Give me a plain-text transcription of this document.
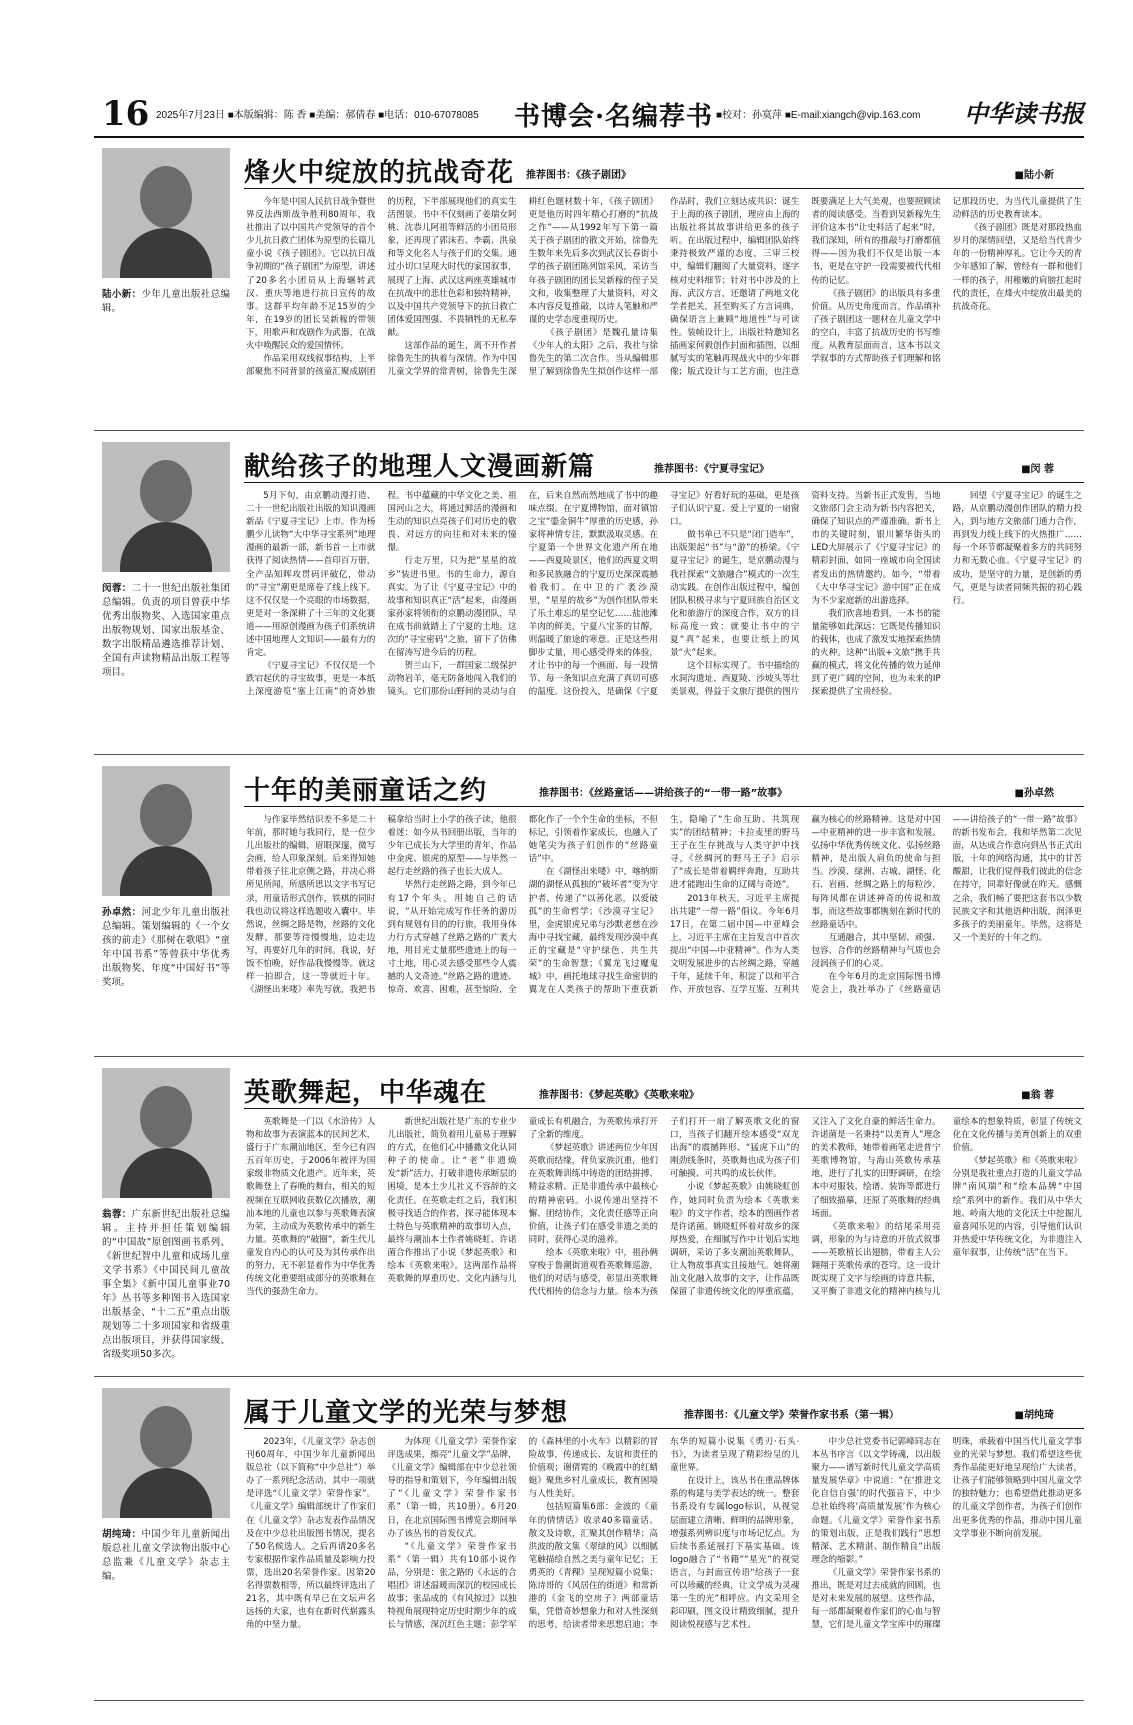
16 2025年7月23日 ■本版编辑：陈 香 ■美编：郝倩春 ■电话：010-67078085 书博会·名编荐书 ■校对：孙寞萍 ■E-mail:xiangch@vip.163.com 中华读书报
陆小新：少年儿童出版社总编辑。
烽火中绽放的抗战奇花 推荐图书：《孩子剧团》	■陆小新

今年是中国人民抗日战争暨世界反法西斯战争胜利80周年，我社推出了以中国共产党领导的首个少儿抗日救亡团体为原型的长篇儿童小说《孩子剧团》。它以抗日战争初期的“孩子剧团”为原型，讲述了20多名小团员从上海辗转武汉、重庆等地进行抗日宣传的故事。这群平均年龄不足15岁的少年，在19岁的团长吴新稼的带领下，用歌声和戏剧作为武器，在战火中唤醒民众的爱国情怀。

作品采用双线叙事结构，上半部聚焦不同背景的孩童汇聚成剧团的历程，下半部展现他们的真实生活图景。书中不仅刻画了姜瑞女阿桃、沈恭儿阿祖等鲜活的小团员形象，还再现了郭沫若、李霸、洪泉和等文化名人与孩子们的交集。通过小切口呈现大时代的家国叙事，展现了上海、武汉这两座英雄城市在抗战中的悲壮色彩和独特精神，以及中国共产党领导下的抗日救亡团体爱国图强、不畏牺牲的无私奉献。

这部作品的诞生，离不开作者徐鲁先生的执着与深情。作为中国儿童文学界的常青树，徐鲁先生深耕红色题材数十年，《孩子剧团》更是他历时四年精心打磨的“抗战之作”——从1992年写下第一篇关于孩子剧团的散文开始，徐鲁先生数年来先后多次到武汉长春街小学的孩子剧团陈列馆采风，采访当年孩子剧团的团长吴新稼的侄子吴文和，收集整理了大量资料，对文本内容反复推敲，以诗人笔触和严谨的史学态度重现历史。

《孩子剧团》是魏孔量诗集《少年人的太阳》之后，我社与徐鲁先生的第二次合作。当从编辑那里了解到徐鲁先生拟创作这样一部作品时，我们立刻达成共识：诞生于上海的孩子剧团，理应由上海的出版社将其故事讲给更多的孩子听。在出版过程中，编辑团队始终秉持极致严谨的态度，三审三校中，编辑们翻阅了大量资料，逐字核对史料细节；针对书中涉及的上海、武汉方言，还邀请了两地文化学者把关，甚至购买了方言词典，确保语言上兼顾“地道性”与可读性。装帧设计上，出版社特邀知名插画家何毅创作封面和插图，以细腻写实的笔触再现战火中的少年群像；版式设计与工艺方面，也注意既要满足上大气美观，也要照顾读者的阅读感受。当看到吴新稼先生评价这本书“让史料活了起来”时，我们深知，所有的推敲与打磨都值得——因为我们不仅是出版一本书，更是在守护一段需要被代代相传的记忆。

《孩子剧团》的出版具有多重价值。从历史角度而言，作品填补了孩子剧团这一题材在儿童文学中的空白，丰富了抗战历史的书写维度。从教育层面而言，这本书以文学叙事的方式帮助孩子们理解和铭记那段历史，为当代儿童提供了生动鲜活的历史教育读本。

《孩子剧团》既是对那段热血岁月的深情回望，又是给当代青少年的一份精神厚礼。它让今天的青少年感知了解，曾经有一群和他们一样的孩子，用稚嫩的肩膀扛起时代的责任，在烽火中绽放出最美的抗战奇花。

闵蓉：二十一世纪出版社集团总编辑。负责的项目曾获中华优秀出版物奖、入选国家重点出版物规划、国家出版基金、数字出版精品遴选推荐计划、全国有声读物精品出版工程等项目。
献给孩子的地理人文漫画新篇	推荐图书：《宁夏寻宝记》	■闵 蓉

5月下旬，由京鹏动漫打造、二十一世纪出版社出版的知识漫画新品《宁夏寻宝记》上市。作为杨鹏少儿读物“大中华寻宝系列”地理漫画的最新一部，新书首一上市就获得了阅读热情——首印百万册，全产品知晖攻贯码评破亿，带动的“寻宝”潮更是席卷了线上线下。这不仅仅是一个亮眼的市场数据，更是对一条深耕了十三年的文化赛道——用原创漫画为孩子们系统讲述中国地理人文知识——最有力的肯定。

《宁夏寻宝记》不仅仅是一个跌宕起伏的寻宝故事，更是一本纸上深度游览“塞上江南”的奇妙旅程。书中蕴藏的中华文化之美、祖国河山之大，将通过鲜活的漫画和生动的知识点亮孩子们对历史的敬畏、对远方的向往和对未来的憧憬。

行走万里，只为把“星星的故乡”装进书里。书的生命力，源自真实。为了让《宁夏寻宝记》中的故事和知识真正“活”起来，由漫画家孙家将领衔的京鹏动漫团队，早在成书前就踏上了宁夏的土地。这次的“寻宝密码”之旅，留下了仿佛在留涛写进今后的历程。

贺兰山下，一群国家二级保护动物岩羊，毫无防备地闯入我们的镜头。它们那份山野间的灵动与自在，后来自然而然地成了书中的趣味点缀。在宁夏博物馆，面对镇馆之宝“鎏金铜牛”厚重的历史感，孙家将神情专注，默默汲取灵感。在宁夏第一个世界文化遗产所在地——西夏陵景区，他们的西夏文明和多民族融合的宁夏历史深深震撼着我们。在中卫的广袤沙漠里，“星星的故乡”为创作团队带来了乐土难忘的星空记忆……盐池滩羊肉的鲜美，宁夏八宝茶的甘醇，则温暖了旅途的寒意。正是这些用脚步丈量，用心感受得来的体验，才让书中的每一个画面、每一段情节、每一条知识点充满了真切可感的温度。这份投入，是确保《宁夏寻宝记》好看好玩的基础，更是孩子们认识宁夏、爱上宁夏的一扇窗口。

做书单已不只是“闭门造车”，出版架起“书”与“游”的桥梁。《宁夏寻宝记》的诞生，是京鹏动漫与我社探索“文旅融合”模式的一次生动实践。在创作出版过程中，编创团队积极寻求与宁夏回族自治区文化和旅游厅的深度合作，双方的目标高度一致：就要让书中的宁夏“真”起来，也要让纸上的风景“火”起来。

这个目标实现了。书中描绘的水洞沟遗址、西夏陵、沙坡头等壮美景观，得益于文旅厅提供的图片资料支持。当新书正式发售，当地文旅部门会主动为新书内容把关，确保了知识点的严谨准确。新书上市的关键时刻，银川繁华街头的LED大屏展示了《宁夏寻宝记》的精彩封面，如同一座城市向全国读者发出的热情邀约。如今，“带着《大中华寻宝记》游中国”正在成为不少家庭新的出游选择。

我们欣喜地看到，一本书的能量能够如此深远：它既是传播知识的载体，也成了激发实地探索热情的火种。这种“出版+文旅”携手共赢的模式，将文化传播的效力延伸到了更广阔的空间，也为未来的IP探索提供了宝贵经验。

回望《宁夏寻宝记》的诞生之路，从京鹏动漫创作团队的精力投入，到与地方文旅部门通力合作，再到发力线上线下的火热推广……每一个环节都凝聚着多方的共同努力和无数心血。《宁夏寻宝记》的成功，是坚守的力量，是创新的勇气，更是与读者同频共振的初心践行。

孙卓然：河北少年儿童出版社总编辑。策划编辑的《一个女孩的前走》《那树在歌唱》“童年中国书系”等曾获中华优秀出版物奖、年度“中国好书”等奖项。
十年的美丽童话之约	推荐图书：《丝路童话——讲给孩子的“一带一路”故事》	■孙卓然

与作家毕然结识差不多是二十年前，那时她与我同行，是一位少儿出版社的编辑，眉眼深邃，微写会画，给人印象深刻。后来得知她带着孩子往北京侧之路，并决心将所见所闻，所感所思以文字书写记录，用童话形式创作，铁棋的同时我也动议将这样选题收入囊中。毕然说，丝绸之路是物，丝路的文化发酵，那要等待慢慢地，边走边写，再要好几年的时间。我说，好饭不怕晚，好作品我慢慢等。就这样一拍即合，这一等就近十年。《湖怪出来喽》率先写就，我把书稿拿给当时上小学的孩子读，他很着迷：如今从书回册出版，当年的少年已成长为大学里的青年，作品中金虎、银虎的原型——与毕然一起行走丝路的孩子也长大成人。

毕然行走丝路之路，到今年已有17个年头，用她自己的话说，“从开始完成写作任务的游历到有规划有目的的行旅，我用身体力行方式穿越了丝路之路的广袤大地，用目光丈量那些遗迹上的每一寸土地，用心灵去感受那些令人震撼的人文奇迹。”丝路之路的遗迹、惊奇、欢喜、困难，甚至惊险，全都化作了一个个生命的坐标，不但标记，引领着作家成长，也融入了她笔尖为孩子们创作的“丝路童话”中。

在《湖怪出来喽》中，喀纳斯湖的湖怪从孤独的“破坏者”变为守护者，传递了“以善化恶，以爱破孤”的生命哲学；《沙漠寻宝记》里，金虎银虎兄弟与沙默老慈在沙海中寻找宝藏，最终发现沙漠中真正的宝藏是“守护绿色、共生共荣”的生命智慧；《翼龙飞过魔鬼城》中，画托地球寻找生命密钥的翼龙在人类孩子的帮助下重获新生，隐喻了“生命互助、共筑现实”的团结精神；卡拉麦里的野马王子在生存挑战与人类守护中找寻，《丝绸河的野马王子》启示了“成长是带着羁绊奔跑，互助共进才能跑出生命的辽阔与奇迹”。

2013年秋天，习近平主席提出共建“一带一路”倡议。今年6月17日，在第二届中国—中亚峰会上，习近平主席在主旨发言中首次提出“中国—中亚精神”。作为人类文明发展进步的古丝绸之路，穿越千年，延续千年，积淀了以和平合作、开放包容、互学互鉴、互利共赢为核心的丝路精神。这是对中国—中亚精神的进一步丰富和发展。弘扬中华优秀传统文化、弘扬丝路精神，是出版人肩负的使命与担当。沙漠、绿洲、古城、湖怪、化石、岩画、丝绸之路上的每粒沙、每阵风都在讲述神奇的传说和故事，而这些故事都镌刻在新时代的丝路童话中。

互通融合，其中坚韧、顽强、包容、合作的丝路精神与气质也会浸润孩子们的心灵。

在今年6月的北京国际图书博览会上，我社举办了《丝路童话——讲给孩子的“一带一路”故事》的新书发布会，我和毕然第二次见面，从达成合作意向到丛书正式出版，十年的网络沟通，其中的甘苦酸甜，让我们觉得我们彼此的信念在持守，同辈好像就在昨天。感慨之余，我们畅了要把这套书以少数民族文字和其他语种出版，润泽更多孩子的美丽童年。毕然，这将是又一个美好的十年之约。

翁蓉：广东新世纪出版社总编辑。主持并担任策划编辑的“中国故”原创图画书系列、《新世纪智中儿童和成场儿童文学书系》《中国民间儿童故事全集》《新中国儿童事业70年》丛书等多种图书入选国家出版基金、“十二五”重点出版规划等二十多项国家和省级重点出版项目，并获得国家级、省级奖项50多次。
英歌舞起，中华魂在	推荐图书：《梦起英歌》《英歌来啦》	■翁 蓉

英歌舞是一门以《水浒传》人物和故事为表演蓝本的民间艺术，盛行于广东潮汕地区，至今已有四五百年历史，于2006年被评为国家级非物质文化遗产。近年来，英歌舞登上了春晚的舞台，相关的短视频在互联网收获数亿次播放，潮汕本地的儿童也以参与英歌舞表演为荣，主动成为英歌传承中的新生力量。英歌舞的“破圈”，新生代儿童发自内心的认可及为其传承作出的努力，无不彰显着作为中华优秀传统文化重要组成部分的英歌舞在当代的强劲生命力。

新世纪出版社是广东的专业少儿出版社，简负着用儿童易于理解的方式，在他们心中播撒文化认同种子的使命。让“老”非遗焕发“新”活力，打破非遗传承断层的困境，是本土少儿社义不容辞的文化责任。在英歌走红之后，我们积极寻找适合的作者，探寻能体现本土特色与英歌精神的故事切入点，最终与潮汕本土作者姚晓虹、许诺菌合作推出了小说《梦起英歌》和绘本《英歌来啦》。这两部作品将英歌舞的厚重历史、文化内涵与儿童成长有机融合，为英歌传承打开了全新的维度。

《梦起英歌》讲述两位少年因英歌而结缘，背负家族沉重，他们在英歌舞训练中铸造的团结拼搏、精益求精、正是非遗传承中最核心的精神密码。小说传递出坚持不懈、团结协作，文化责任感等正向价值，让孩子们在感受非遗之美的同时，获得心灵的滋养。

绘本《英歌来啦》中，祖孙俩穿梭于鲁潮街道观看英歌舞巡游，他们的对话与感受，彰显出英歌舞代代相传的信念与力量。绘本为孩子们打开一扇了解英歌文化的窗口，当孩子们翻开绘本感受“双龙出海”的震撼阵形、“猛虎下山”的刚劲线条时，英歌舞也成为孩子们可触摸、可共鸣的成长伙伴。

小说《梦起英歌》由姚晓虹创作，她同时负责为绘本《英歌来啦》的文字作者，绘本的图画作者是许诺菌。姚晓虹怀着对故乡的深厚热爱，在细腻写作中计划后实地调研，采访了多支潮汕英歌舞队，让人物故事真实且接地气。她将潮汕文化融入故事的文字，让作品既保留了非遗传统文化的厚重底蕴，又注入了文化自豪的鲜活生命力。许诺菌是一名秉持“以美育人”理念的美术教师，她带着画笔走进普宁英歌博物馆，与海山英歌传承基地，进行了扎实的田野调研，在绘本中对服装、绘谱、装饰等都进行了细致描摹，还原了英歌舞的经典场面。

《英歌来啦》的结尾采用亮调，形象的为与诗意的开放式叙事——英歌植长出翅膀，带着主人公翱翔于英歌传承的苍穹。这一设计既实现了文字与绘画的诗意共振，又平衡了非遗文化的精神内核与儿童绘本的想象特质，彰显了传统文化在文化传播与美育创新上的双重价值。

《梦起英歌》和《英歌来啦》分别是我社重点打造的儿童文学品牌“南风瑞”和“绘本品牌“中国绘”系列中的新作。我们从中华大地、岭南大地的文化沃土中挖掘儿童喜闻乐见的内容，引导他们认识并热爱中华传统文化，为非遗注入童年叙事，让传统“活”在当下。

胡纯琦：中国少年儿童新闻出版总社儿童文学读物出版中心总监兼《儿童文学》杂志主编。
属于儿童文学的光荣与梦想	推荐图书：《儿童文学》荣誉作家书系（第一辑）	■胡纯琦

2023年，《儿童文学》杂志创刊60周年，中国少年儿童新闻出版总社（以下简称“中少总社”）举办了一系列纪念活动，其中一项就是评选“《儿童文学》荣誉作家”。《儿童文学》编辑部统计了作家们在《儿童文学》杂志发表作品情况及在中少总社出版图书情况，提名了50名候选人。之后再请20多名专家根据作家作品质量及影响力投票，选出20名荣誉作家。因第20名得票数相等，所以最终评选出了21名，其中既有早已在文坛声名远扬的大家，也有在新时代崭露头角的中坚力量。

为体现《儿童文学》荣誉作家评选成果，擦亮“儿童文学”品牌，《儿童文学》编辑部在中少总社领导的指导和策划下，今年编辑出版了“《儿童文学》荣誉作家书系”（第一辑，共10册）。6月20日，在北京国际图书博览会期间举办了该丛书的首发仪式。

“《儿童文学》荣誉作家书系”（第一辑）共有10部小说作品，分别是：张之路的《永远的合唱团》讲述温暖而深沉的校园成长故事；张品成的《有风掠过》以独特视角展现特定历史时期少年的成长与情感，深沉红色主题；彭学军的《森林里的小火车》以精彩的冒险故事，传递成长、友谊和责任的价值观；谢倩霓的《晚霞中的红蜻蜓》聚焦乡村儿童成长，教育困境与人性美好。

包括短篇集6部：金波的《童年的情情话》收录40多篇童话、散文及诗歌，汇聚其创作精华；高洪波的散文集《翠绿的风》以细腻笔触描绘自然之美与童年记忆；王勇英的《青稞》呈现短篇小说集；陈诗哥的《风居住的街道》和常新港的《金飞的空房子》两部童话集，凭借奇妙想象力和对人性深刻的思考，给读者带来思想启迪；李东华的短篇小说集《勇刃·石头·书》，为读者呈现了精彩纷呈的儿童世界。

在设计上，该丛书在重品牌体系的构建与美学表达的统一。整套书系设有专属logo标识，从视觉层面建立清晰、鲜明的品牌形象，增强系列辨识度与市场记忆点。为后续书系延展打下基实基础。该logo融合了“书籍”“星光”的视觉语言，与封面宣传语“给孩子一套可以珍藏的经典，让文学成为灵魂第一生的光”相呼应。内文采用全彩印刷，图文设计精致细腻，提升阅读悦视感与艺术性。

中少总社党委书记郭峰同志在本丛书序言《以文学铸魂，以出版聚力——谱写新时代儿童文学高质量发展华章》中说道：“在‘推进文化自信自强’的时代强音下，中少总社始终将‘高质量发展’作为核心命题。《儿童文学》荣誉作家书系的策划出版，正是我们践行”思想精深、艺术精湛、制作精良”出版理念的缩影。”

《儿童文学》荣誉作家书系的推出，既是对过去成就的回顾，也是对未来发展的展望。这些作品，每一部都凝聚着作家们的心血与智慧，它们是儿童文学宝库中的璀璨明珠，承载着中国当代儿童文学事业的光荣与梦想。我们希望这些优秀作品能更好地呈现给广大读者，让孩子们能够领略到中国儿童文学的独特魅力；也希望借此推动更多的儿童文学创作者，为孩子们创作出更多优秀的作品，推动中国儿童文学事业不断向前发展。
